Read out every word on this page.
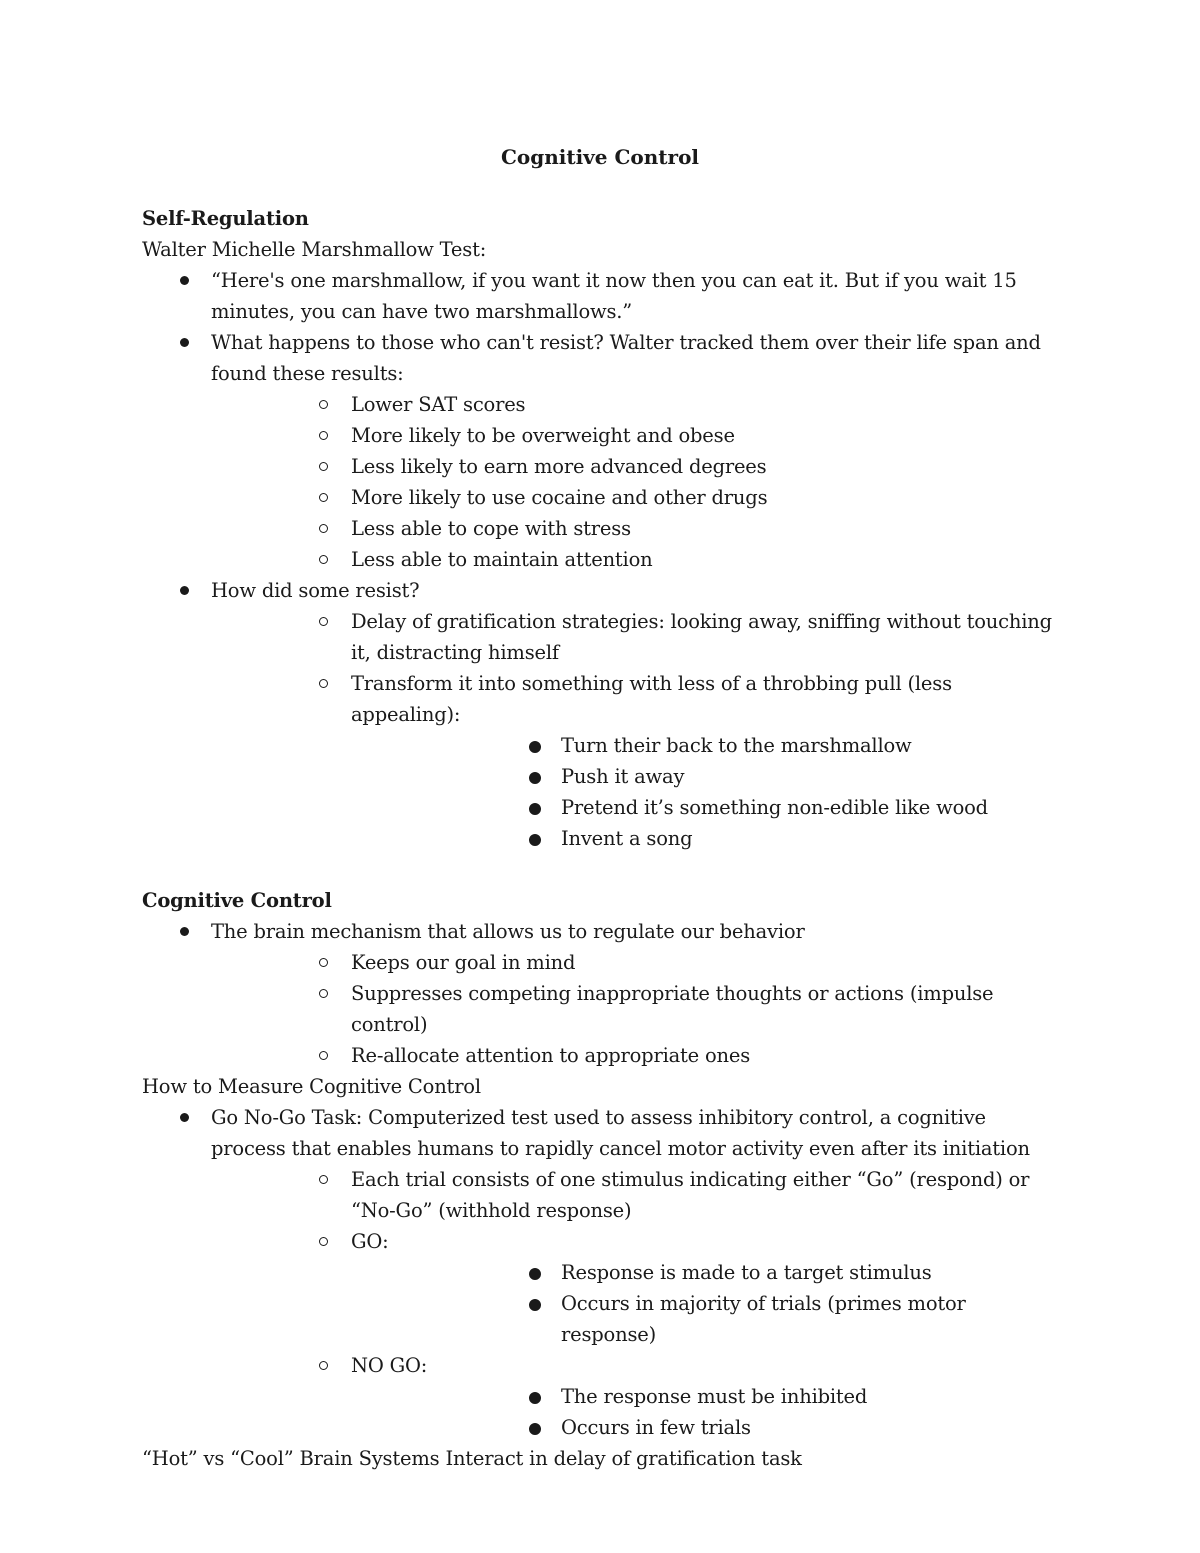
Cognitive Control
Self-Regulation

Walter Michelle Marshmallow Test:

“Here's one marshmallow, if you want it now then you can eat it. But if you wait 15 minutes, you can have two marshmallows.”
What happens to those who can't resist? Walter tracked them over their life span and found these results:
Lower SAT scores
More likely to be overweight and obese
Less likely to earn more advanced degrees
More likely to use cocaine and other drugs
Less able to cope with stress
Less able to maintain attention
How did some resist?
Delay of gratification strategies: looking away, sniffing without touching it, distracting himself
Transform it into something with less of a throbbing pull (less appealing):
Turn their back to the marshmallow
Push it away
Pretend it’s something non-edible like wood
Invent a song
Cognitive Control
The brain mechanism that allows us to regulate our behavior
Keeps our goal in mind
Suppresses competing inappropriate thoughts or actions (impulse control)
Re-allocate attention to appropriate ones

How to Measure Cognitive Control

Go No-Go Task: Computerized test used to assess inhibitory control, a cognitive process that enables humans to rapidly cancel motor activity even after its initiation
Each trial consists of one stimulus indicating either “Go” (respond) or “No-Go” (withhold response)
GO:
Response is made to a target stimulus
Occurs in majority of trials (primes motor response)
NO GO:
The response must be inhibited
Occurs in few trials

“Hot” vs “Cool” Brain Systems Interact in delay of gratification task
